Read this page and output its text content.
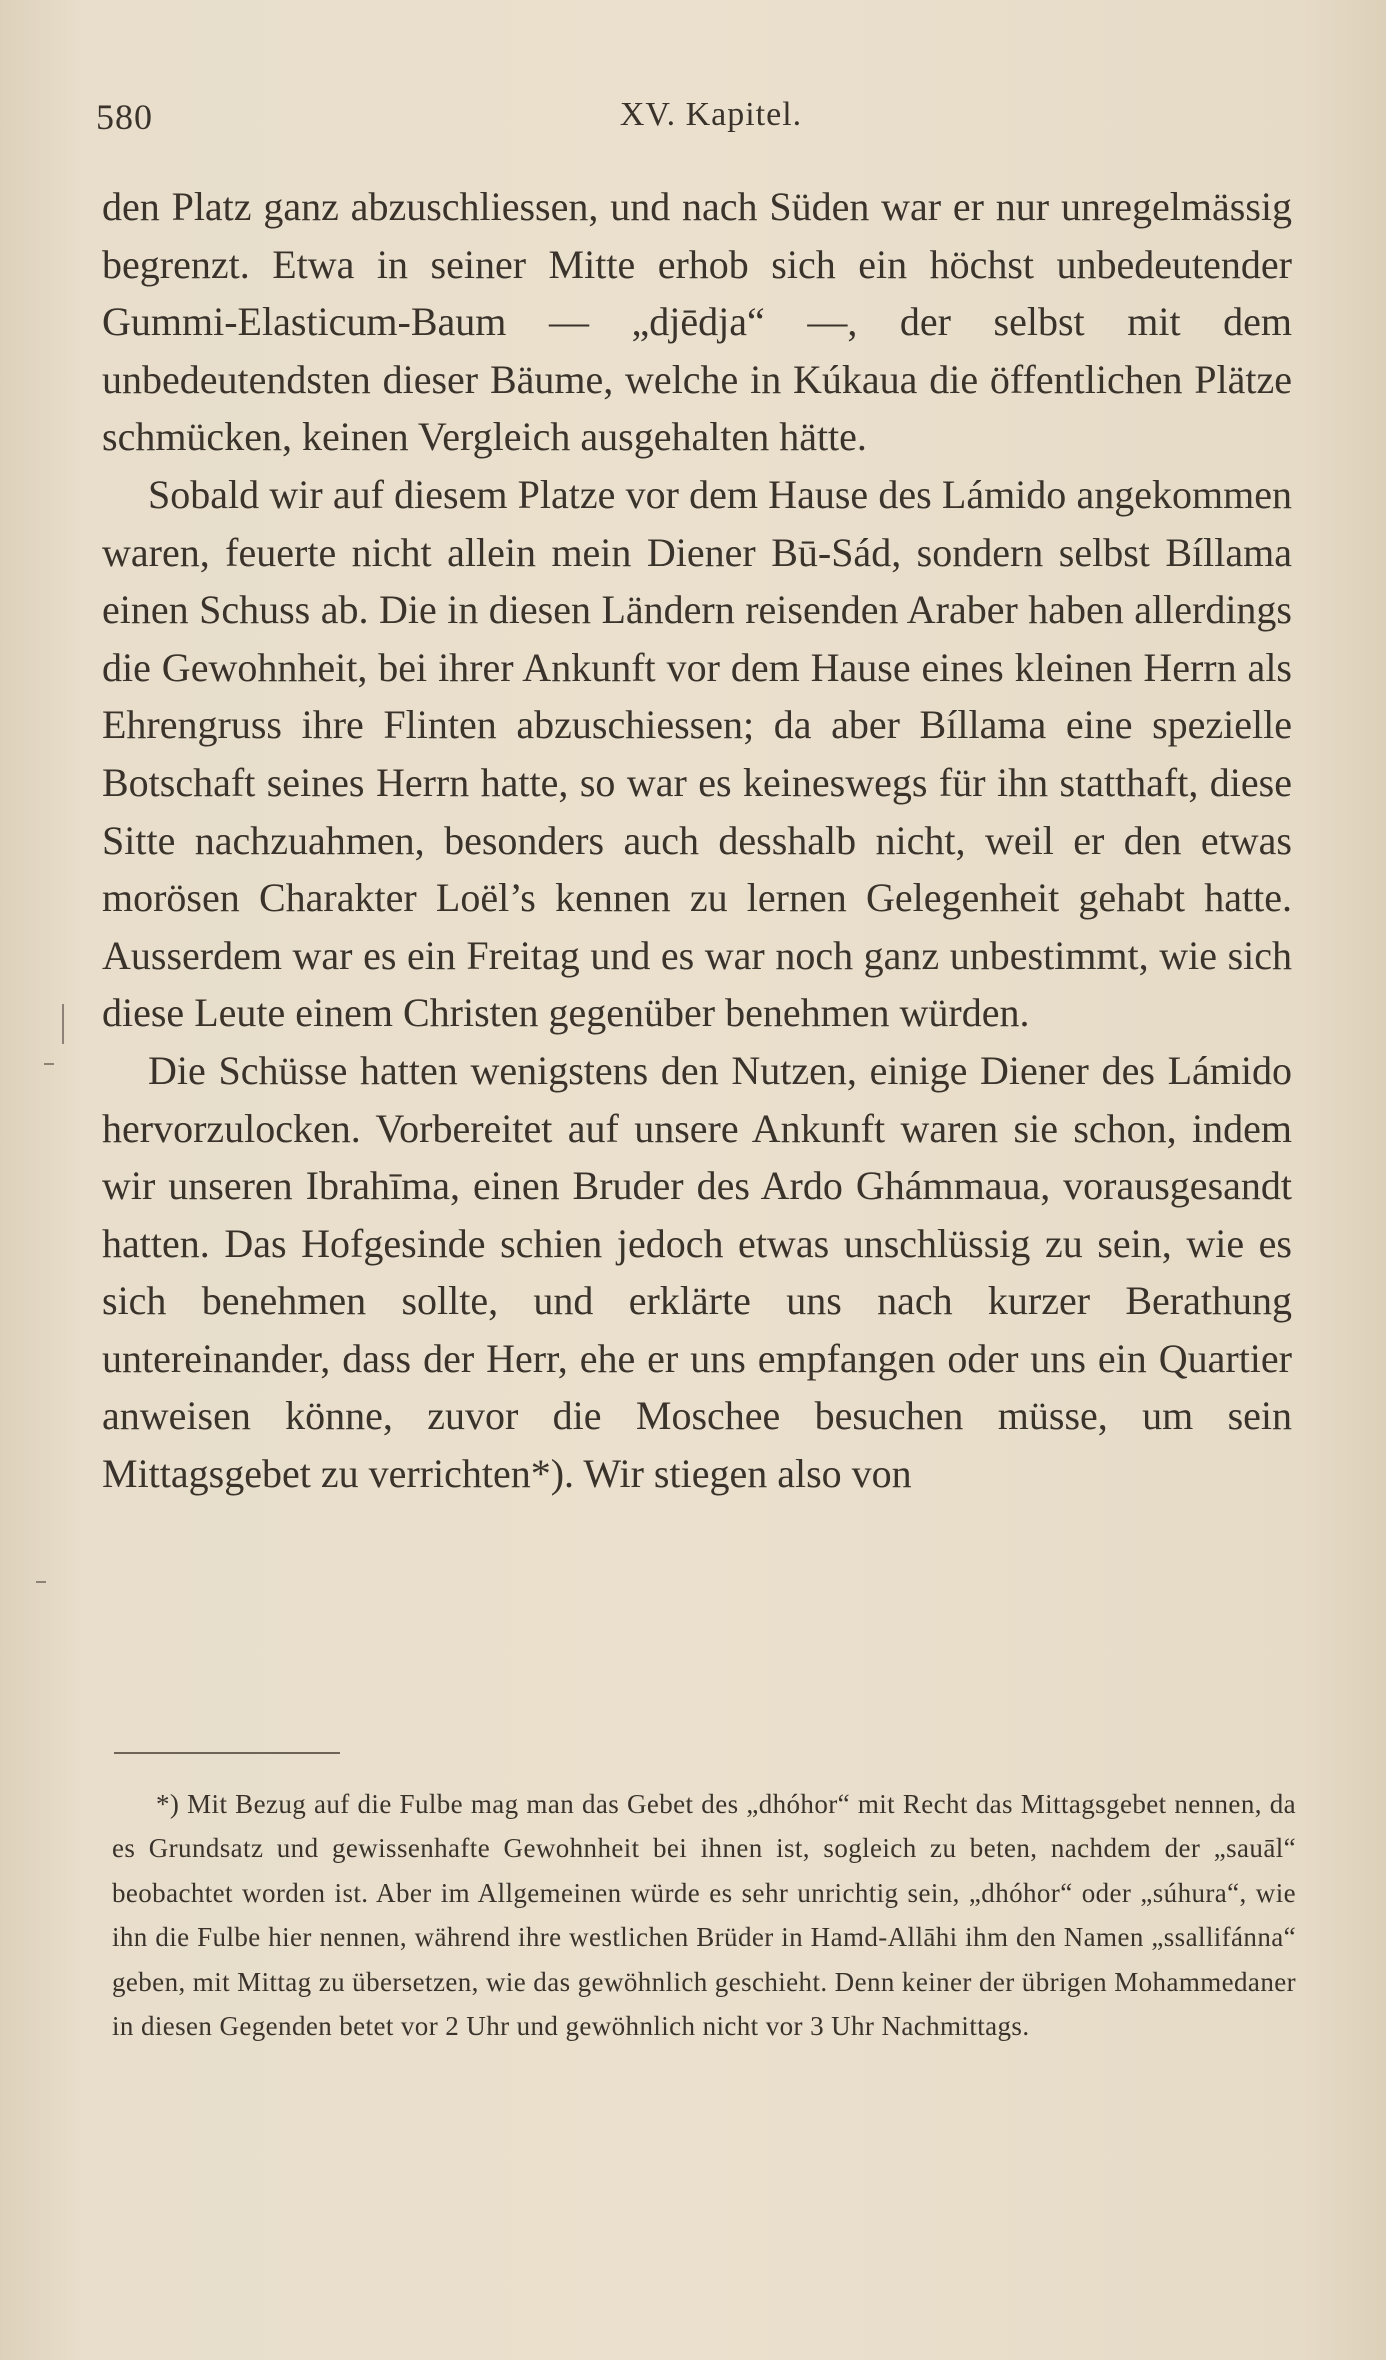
580	XV. Kapitel.

den Platz ganz abzuschliessen, und nach Süden war er nur unregelmässig begrenzt. Etwa in seiner Mitte erhob sich ein höchst unbedeutender Gummi-Elasticum-Baum — „djēdja“ —, der selbst mit dem unbedeutendsten dieser Bäume, welche in Kúkaua die öffentlichen Plätze schmücken, keinen Vergleich ausgehalten hätte.

Sobald wir auf diesem Platze vor dem Hause des Lámido angekommen waren, feuerte nicht allein mein Diener Bū-Sád, sondern selbst Bíllama einen Schuss ab. Die in diesen Ländern reisenden Araber haben allerdings die Gewohnheit, bei ihrer Ankunft vor dem Hause eines kleinen Herrn als Ehrengruss ihre Flinten abzuschiessen; da aber Bíllama eine spezielle Botschaft seines Herrn hatte, so war es keineswegs für ihn statthaft, diese Sitte nachzuahmen, besonders auch desshalb nicht, weil er den etwas morösen Charakter Loël’s kennen zu lernen Gelegenheit gehabt hatte. Ausserdem war es ein Freitag und es war noch ganz unbestimmt, wie sich diese Leute einem Christen gegenüber benehmen würden.

Die Schüsse hatten wenigstens den Nutzen, einige Diener des Lámido hervorzulocken. Vorbereitet auf unsere Ankunft waren sie schon, indem wir unseren Ibrahīma, einen Bruder des Ardo Ghámmaua, vorausgesandt hatten. Das Hofgesinde schien jedoch etwas unschlüssig zu sein, wie es sich benehmen sollte, und erklärte uns nach kurzer Berathung untereinander, dass der Herr, ehe er uns empfangen oder uns ein Quartier anweisen könne, zuvor die Moschee besuchen müsse, um sein Mittagsgebet zu verrichten*). Wir stiegen also von

*) Mit Bezug auf die Fulbe mag man das Gebet des „dhóhor“ mit Recht das Mittagsgebet nennen, da es Grundsatz und gewissenhafte Gewohnheit bei ihnen ist, sogleich zu beten, nachdem der „sauāl“ beobachtet worden ist. Aber im Allgemeinen würde es sehr unrichtig sein, „dhóhor“ oder „súhura“, wie ihn die Fulbe hier nennen, während ihre westlichen Brüder in Hamd-Allāhi ihm den Namen „ssallifánna“ geben, mit Mittag zu übersetzen, wie das gewöhnlich geschieht. Denn keiner der übrigen Mohammedaner in diesen Gegenden betet vor 2 Uhr und gewöhnlich nicht vor 3 Uhr Nachmittags.
